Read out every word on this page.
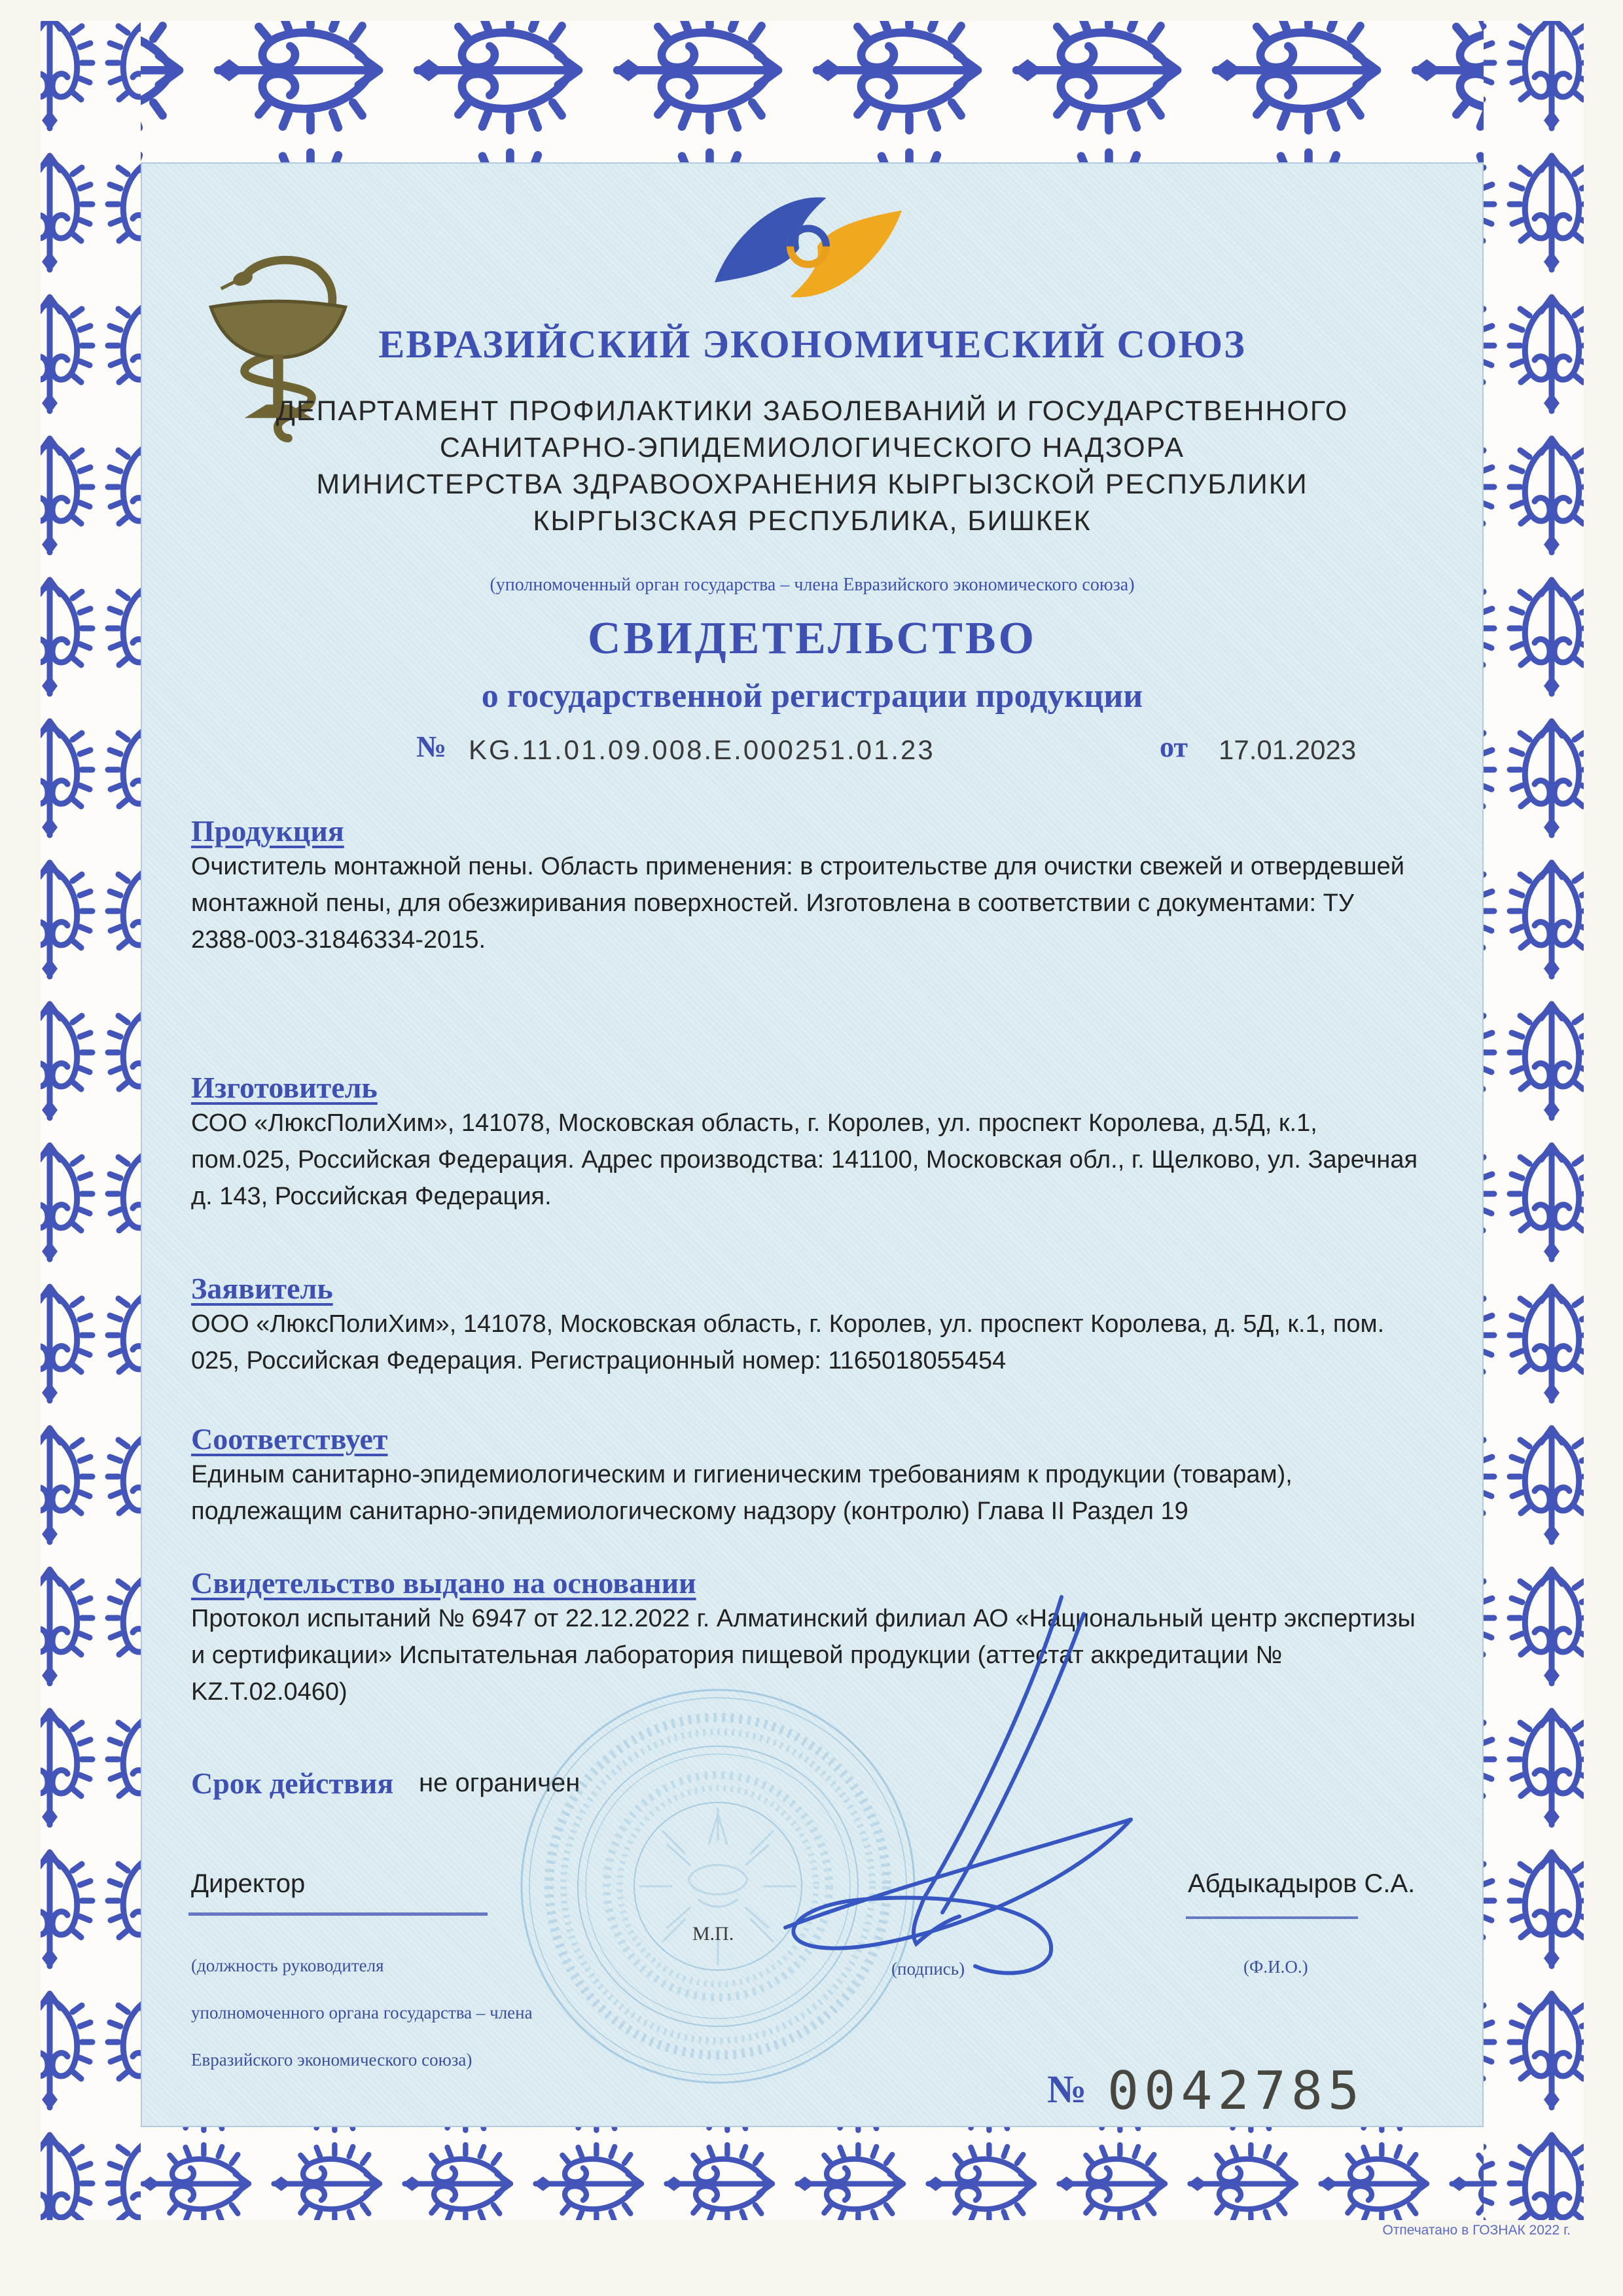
ЕВРАЗИЙСКИЙ ЭКОНОМИЧЕСКИЙ СОЮЗ
ДЕПАРТАМЕНТ ПРОФИЛАКТИКИ ЗАБОЛЕВАНИЙ И ГОСУДАРСТВЕННОГО
САНИТАРНО-ЭПИДЕМИОЛОГИЧЕСКОГО НАДЗОРА
МИНИСТЕРСТВА ЗДРАВООХРАНЕНИЯ КЫРГЫЗСКОЙ РЕСПУБЛИКИ
КЫРГЫЗСКАЯ РЕСПУБЛИКА, БИШКЕК
(уполномоченный орган государства – члена Евразийского экономического союза)
СВИДЕТЕЛЬСТВО
о государственной регистрации продукции
№ KG.11.01.09.008.E.000251.01.23	от 17.01.2023
Продукция
Очиститель монтажной пены. Область применения: в строительстве для очистки свежей и отвердевшей монтажной пены, для обезжиривания поверхностей. Изготовлена в соответствии с документами: ТУ 2388-003-31846334-2015.
Изготовитель
СОО «ЛюксПолиХим», 141078, Московская область, г. Королев, ул. проспект Королева, д.5Д, к.1, пом.025, Российская Федерация. Адрес производства: 141100, Московская обл., г. Щелково, ул. Заречная д. 143, Российская Федерация.
Заявитель
ООО «ЛюксПолиХим», 141078, Московская область, г. Королев, ул. проспект Королева, д. 5Д, к.1, пом. 025, Российская Федерация. Регистрационный номер: 1165018055454
Соответствует
Единым санитарно-эпидемиологическим и гигиеническим требованиям к продукции (товарам), подлежащим санитарно-эпидемиологическому надзору (контролю) Глава II Раздел 19
Свидетельство выдано на основании
Протокол испытаний № 6947 от 22.12.2022 г. Алматинский филиал АО «Национальный центр экспертизы и сертификации» Испытательная лаборатория пищевой продукции (аттестат аккредитации № KZ.T.02.0460)
Срок действия не ограничен
Директор
(должность руководителя
уполномоченного органа государства – члена
Евразийского экономического союза)
М.П.
(подпись)
Абдыкадыров С.А.
(Ф.И.О.)
№ 0042785
Отпечатано в ГОЗНАК 2022 г.
